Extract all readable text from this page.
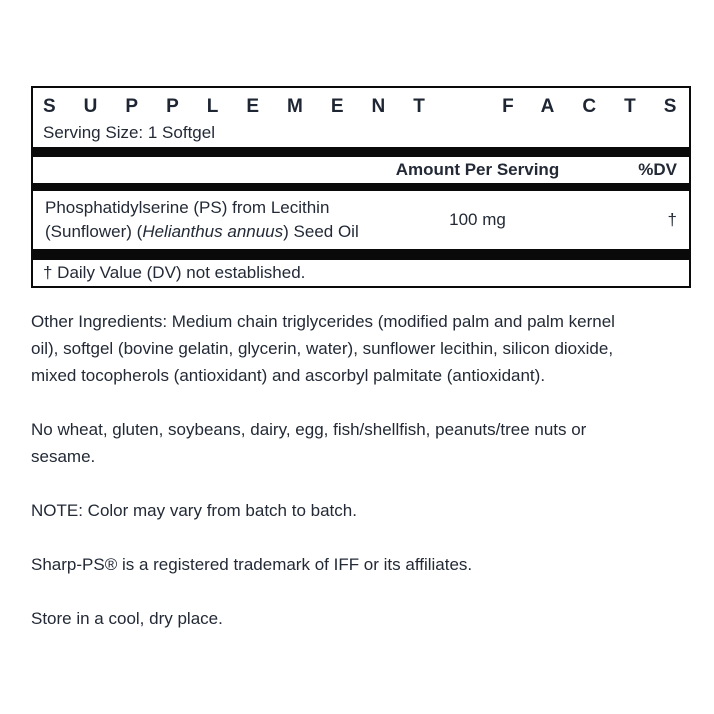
SUPPLEMENT FACTS
Serving Size: 1 Softgel
Amount Per Serving	%DV
Phosphatidylserine (PS) from Lecithin
(Sunflower) (Helianthus annuus) Seed Oil
100 mg	†
† Daily Value (DV) not established.
Other Ingredients: Medium chain triglycerides (modified palm and palm kernel
oil), softgel (bovine gelatin, glycerin, water), sunflower lecithin, silicon dioxide,
mixed tocopherols (antioxidant) and ascorbyl palmitate (antioxidant).
No wheat, gluten, soybeans, dairy, egg, fish/shellfish, peanuts/tree nuts or
sesame.
NOTE: Color may vary from batch to batch.
Sharp-PS® is a registered trademark of IFF or its affiliates.
Store in a cool, dry place.
